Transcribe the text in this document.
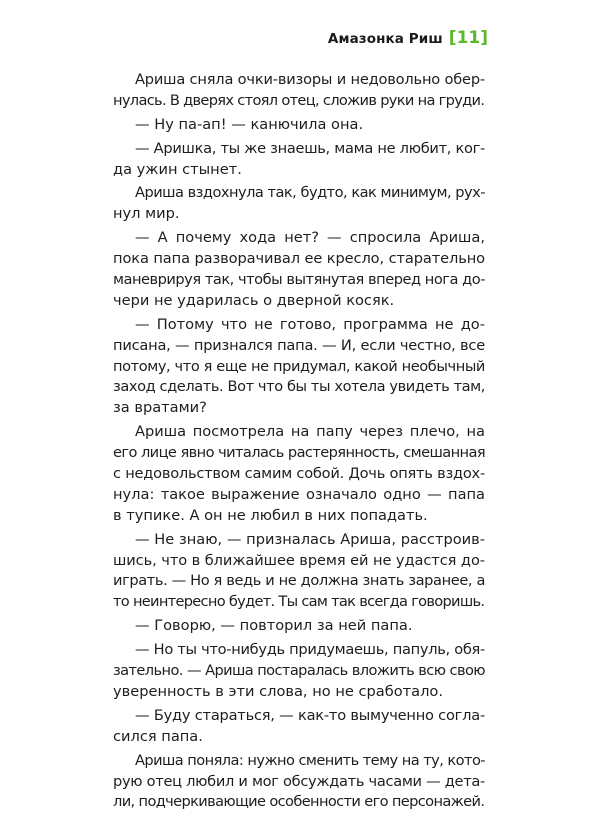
Амазонка Риш [11]
Ариша сняла очки-визоры и недовольно обер-
нулась. В дверях стоял отец, сложив руки на груди.
— Ну па-ап! — канючила она.
— Аришка, ты же знаешь, мама не любит, ког-
да ужин стынет.
Ариша вздохнула так, будто, как минимум, рух-
нул мир.
— А почему хода нет? — спросила Ариша,
пока папа разворачивал ее кресло, старательно
маневрируя так, чтобы вытянутая вперед нога до-
чери не ударилась о дверной косяк.
— Потому что не готово, программа не до-
писана, — признался папа. — И, если честно, все
потому, что я еще не придумал, какой необычный
заход сделать. Вот что бы ты хотела увидеть там,
за вратами?
Ариша посмотрела на папу через плечо, на
его лице явно читалась растерянность, смешанная
с недовольством самим собой. Дочь опять вздох-
нула: такое выражение означало одно — папа
в тупике. А он не любил в них попадать.
— Не знаю, — призналась Ариша, расстроив-
шись, что в ближайшее время ей не удастся до-
играть. — Но я ведь и не должна знать заранее, а
то неинтересно будет. Ты сам так всегда говоришь.
— Говорю, — повторил за ней папа.
— Но ты что-нибудь придумаешь, папуль, обя-
зательно. — Ариша постаралась вложить всю свою
уверенность в эти слова, но не сработало.
— Буду стараться, — как-то вымученно согла-
сился папа.
Ариша поняла: нужно сменить тему на ту, кото-
рую отец любил и мог обсуждать часами — дета-
ли, подчеркивающие особенности его персонажей.
